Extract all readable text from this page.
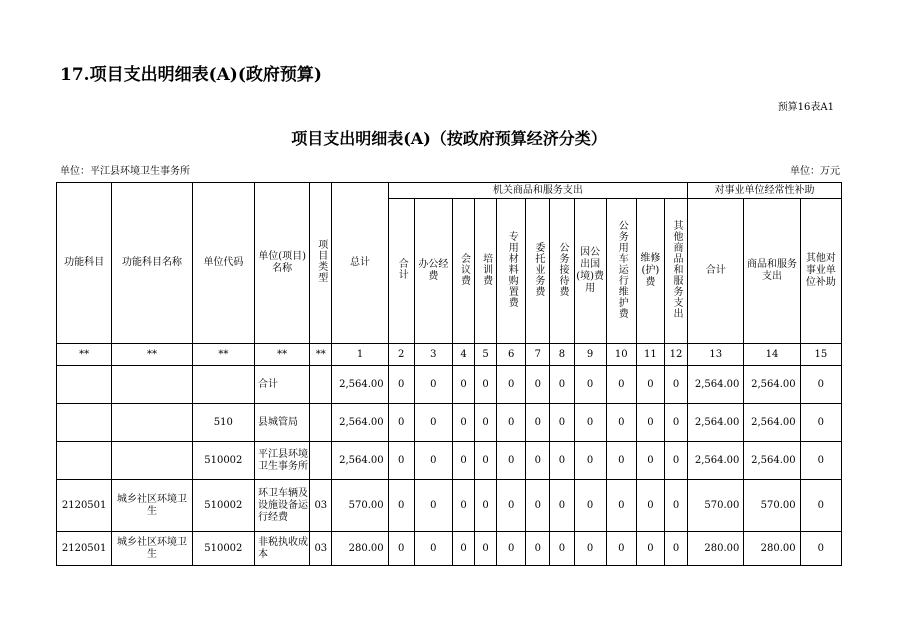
17.项目支出明细表(A)(政府预算)
预算16表A1
项目支出明细表(A)（按政府预算经济分类）
单位：平江县环境卫生事务所	单位：万元
功能科目	功能科目名称	单位代码	单位(项目)名称	项目类型	总计	机关商品和服务支出											对事业单位经常性补助		
						合计	办公经费	会议费	培训费	专用材料购置费	委托业务费	公务接待费	因公出国(境)费用	公务用车运行维护费	维修(护)费	其他商品和服务支出	合计	商品和服务支出	其他对事业单位补助
**	**	**	**	**	1	2	3	4	5	6	7	8	9	10	11	12	13	14	15
			合计		2,564.00	0	0	0	0	0	0	0	0	0	0	0	2,564.00	2,564.00	0
		510	县城管局		2,564.00	0	0	0	0	0	0	0	0	0	0	0	2,564.00	2,564.00	0
		510002	平江县环境卫生事务所		2,564.00	0	0	0	0	0	0	0	0	0	0	0	2,564.00	2,564.00	0
2120501	城乡社区环境卫生	510002	环卫车辆及设施设备运行经费	03	570.00	0	0	0	0	0	0	0	0	0	0	0	570.00	570.00	0
2120501	城乡社区环境卫生	510002	非税执收成本	03	280.00	0	0	0	0	0	0	0	0	0	0	0	280.00	280.00	0
